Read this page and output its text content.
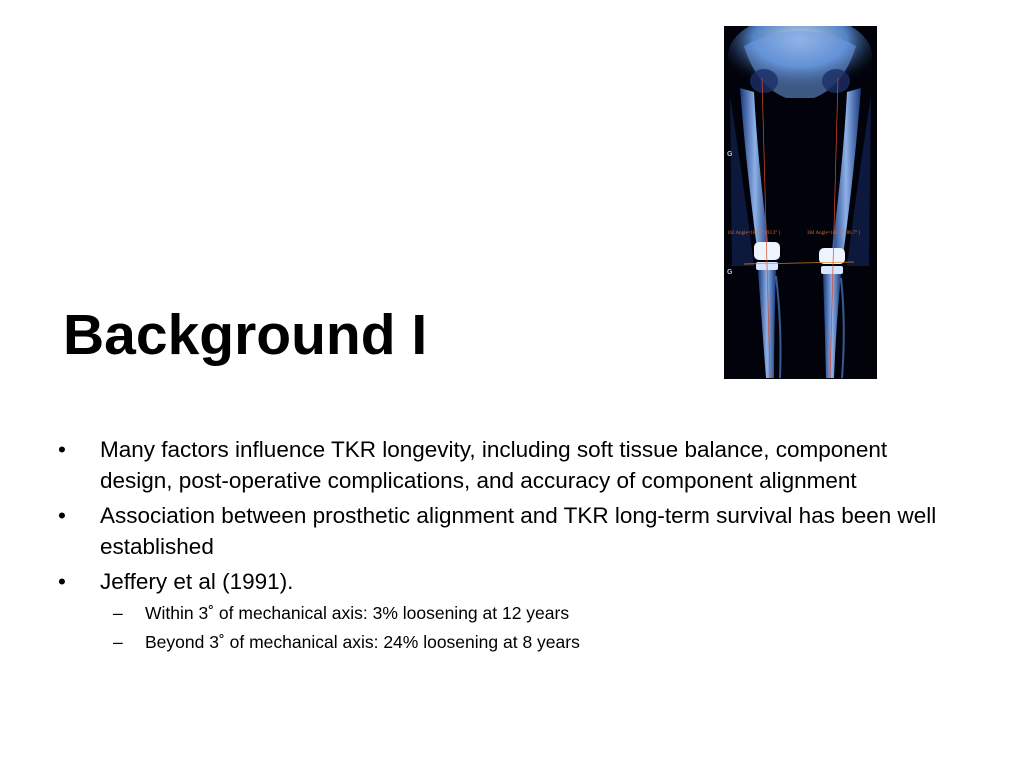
162 Angle=183.1° (93.3° )	384 Angle=183.3° (86.7° )
G
G
Background I
•	Many factors influence TKR longevity, including soft tissue balance, component design, post-operative complications, and accuracy of component alignment
•	Association between prosthetic alignment and TKR long-term survival has been well established
•	Jeffery et al (1991).
– Within 3˚ of mechanical axis: 3% loosening at 12 years
– Beyond 3˚ of mechanical axis: 24% loosening at 8 years
